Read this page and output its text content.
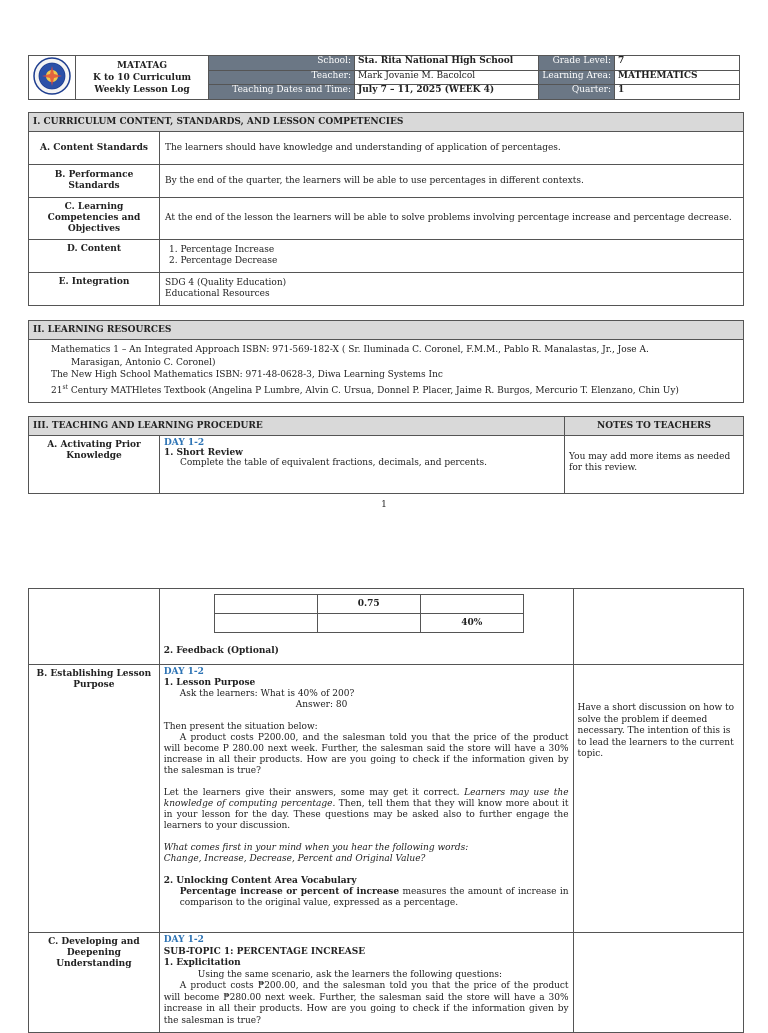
MATATAG
K to 10 Curriculum
Weekly Lesson Log	School:	Sta. Rita National High School	Grade Level:	7
		Teacher:	Mark Jovanie M. Bacolcol	Learning Area:	MATHEMATICS
		Teaching Dates and Time:	July 7 – 11, 2025 (WEEK 4)	Quarter:	1
I. CURRICULUM CONTENT, STANDARDS, AND LESSON COMPETENCIES	
A. Content Standards	The learners should have knowledge and understanding of application of percentages.
B. Performance Standards	By the end of the quarter, the learners will be able to use percentages in different contexts.
C. Learning Competencies and Objectives	At the end of the lesson the learners will be able to solve problems involving percentage increase and percentage decrease.
D. Content	1. Percentage Increase
2. Percentage Decrease

E. Integration	SDG 4 (Quality Education)
Educational Resources
II. LEARNING RESOURCES

Mathematics 1 – An Integrated Approach ISBN: 971-569-182-X ( Sr. Iluminada C. Coronel, F.M.M., Pablo R. Manalastas, Jr., Jose A.
Marasigan, Antonio C. Coronel)
The New High School Mathematics ISBN: 971-48-0628-3, Diwa Learning Systems Inc
21st Century MATHletes Textbook (Angelina P Lumbre, Alvin C. Ursua, Donnel P. Placer, Jaime R. Burgos, Mercurio T. Elenzano, Chin Uy)
III. TEACHING AND LEARNING PROCEDURE		NOTES TO TEACHERS
A. Activating Prior Knowledge	DAY 1-2
1. Short Review
Complete the table of equivalent fractions, decimals, and percents.	You may add more items as needed for this review.
1

	0.75	
		40%
2. Feedback (Optional)

B. Establishing Lesson Purpose	
DAY 1-2
1. Lesson Purpose
Ask the learners: What is 40% of 200?
Answer: 80
Then present the situation below:
A product costs P200.00, and the salesman told you that the price of the product will become P 280.00 next week. Further, the salesman said the store will have a 30% increase in all their products. How are you going to check if the information given by the salesman is true?
Let the learners give their answers, some may get it correct. Learners may use the knowledge of computing percentage. Then, tell them that they will know more about it in your lesson for the day. These questions may be asked also to further engage the learners to your discussion.
What comes first in your mind when you hear the following words:
Change, Increase, Decrease, Percent and Original Value?
2. Unlocking Content Area Vocabulary
Percentage increase or percent of increase measures the amount of increase in comparison to the original value, expressed as a percentage.
	Have a short discussion on how to solve the problem if deemed necessary. The intention of this is to lead the learners to the current topic.
C. Developing and Deepening Understanding	
DAY 1-2
SUB-TOPIC 1: PERCENTAGE INCREASE
1. Explicitation
Using the same scenario, ask the learners the following questions:
A product costs ₱200.00, and the salesman told you that the price of the product will become ₱280.00 next week. Further, the salesman said the store will have a 30% increase in all their products. How are you going to check if the information given by the salesman is true?
